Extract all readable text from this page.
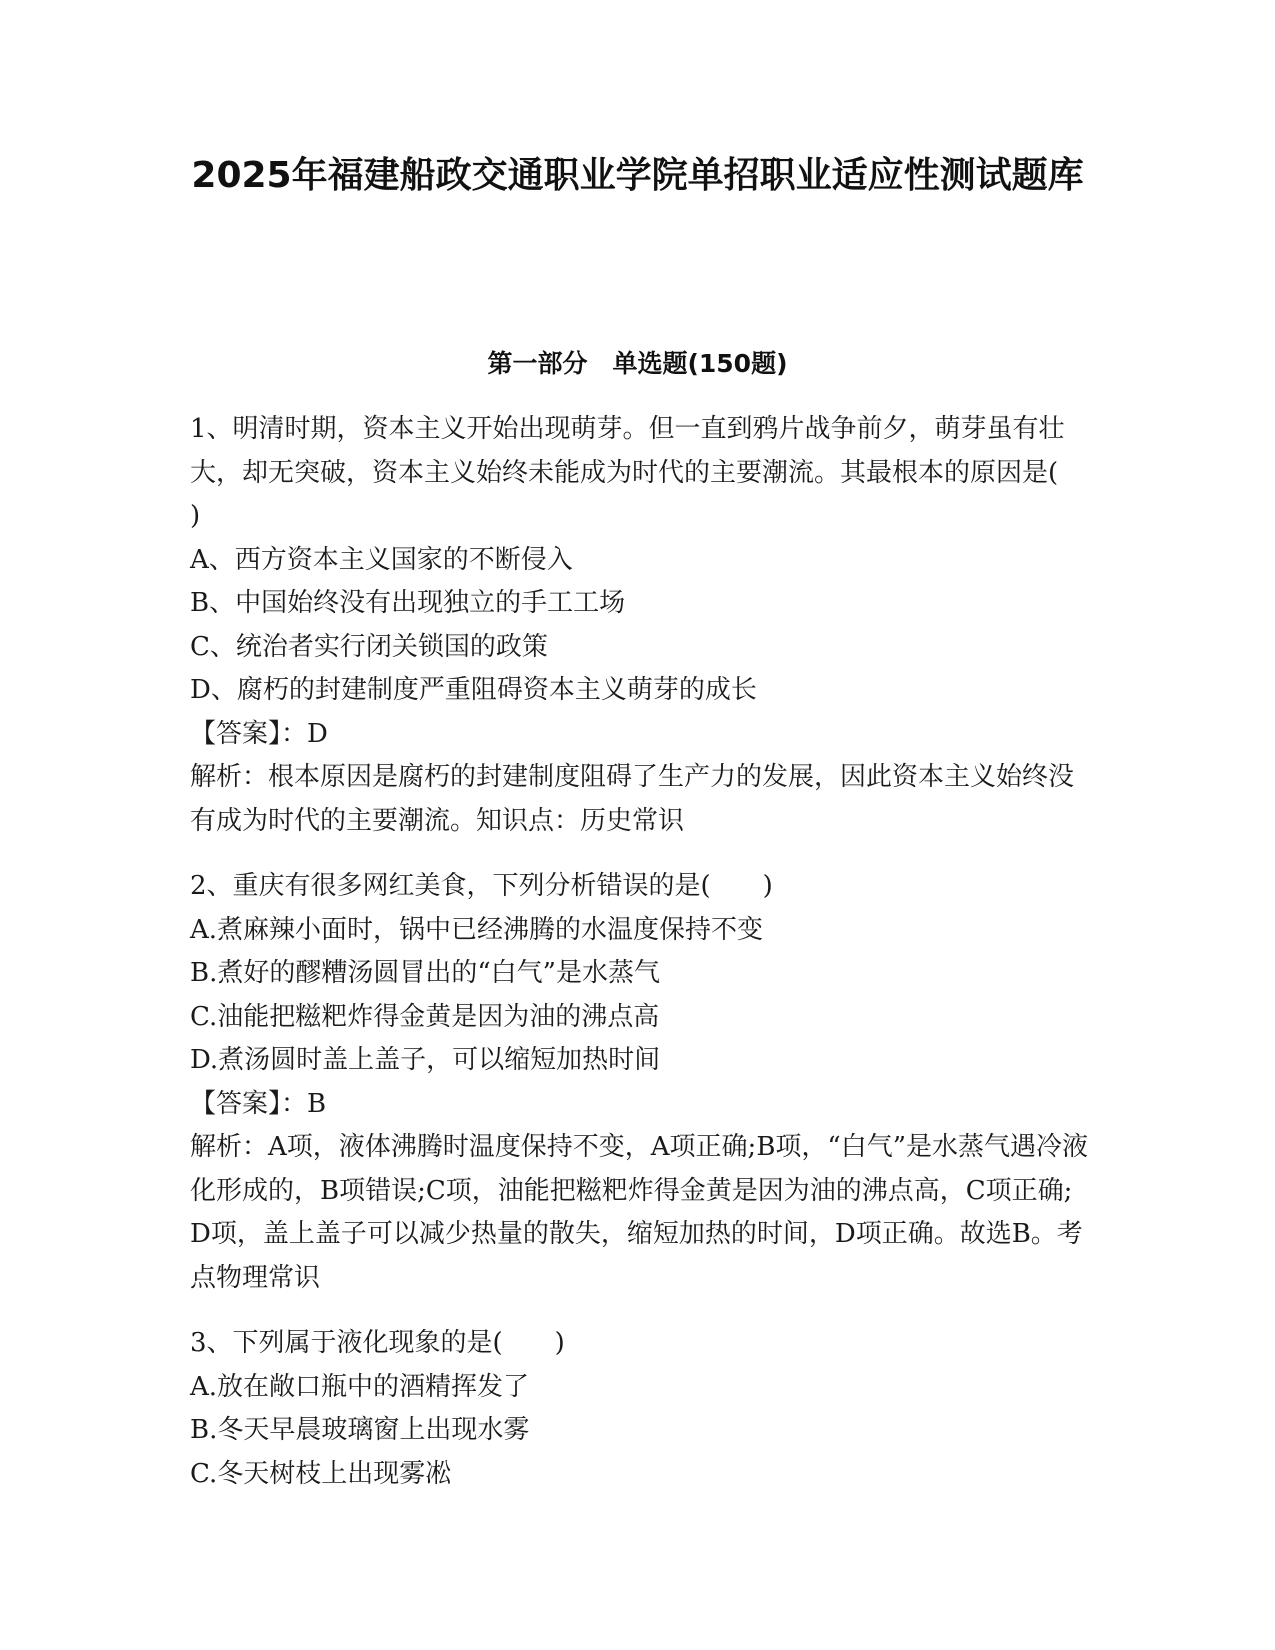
2025年福建船政交通职业学院单招职业适应性测试题库
第一部分　单选题(150题)

1、明清时期，资本主义开始出现萌芽。但一直到鸦片战争前夕，萌芽虽有壮大，却无突破，资本主义始终未能成为时代的主要潮流。其最根本的原因是(　 )

A、西方资本主义国家的不断侵入

B、中国始终没有出现独立的手工工场

C、统治者实行闭关锁国的政策

D、腐朽的封建制度严重阻碍资本主义萌芽的成长

【答案】：D

解析：根本原因是腐朽的封建制度阻碍了生产力的发展，因此资本主义始终没有成为时代的主要潮流。知识点：历史常识

2、重庆有很多网红美食，下列分析错误的是(　　)

A.煮麻辣小面时，锅中已经沸腾的水温度保持不变

B.煮好的醪糟汤圆冒出的“白气”是水蒸气

C.油能把糍粑炸得金黄是因为油的沸点高

D.煮汤圆时盖上盖子，可以缩短加热时间

【答案】：B

解析：A项，液体沸腾时温度保持不变，A项正确;B项，“白气”是水蒸气遇冷液化形成的，B项错误;C项，油能把糍粑炸得金黄是因为油的沸点高，C项正确;D项，盖上盖子可以减少热量的散失，缩短加热的时间，D项正确。故选B。考点物理常识

3、下列属于液化现象的是(　　)

A.放在敞口瓶中的酒精挥发了

B.冬天早晨玻璃窗上出现水雾

C.冬天树枝上出现雾凇
